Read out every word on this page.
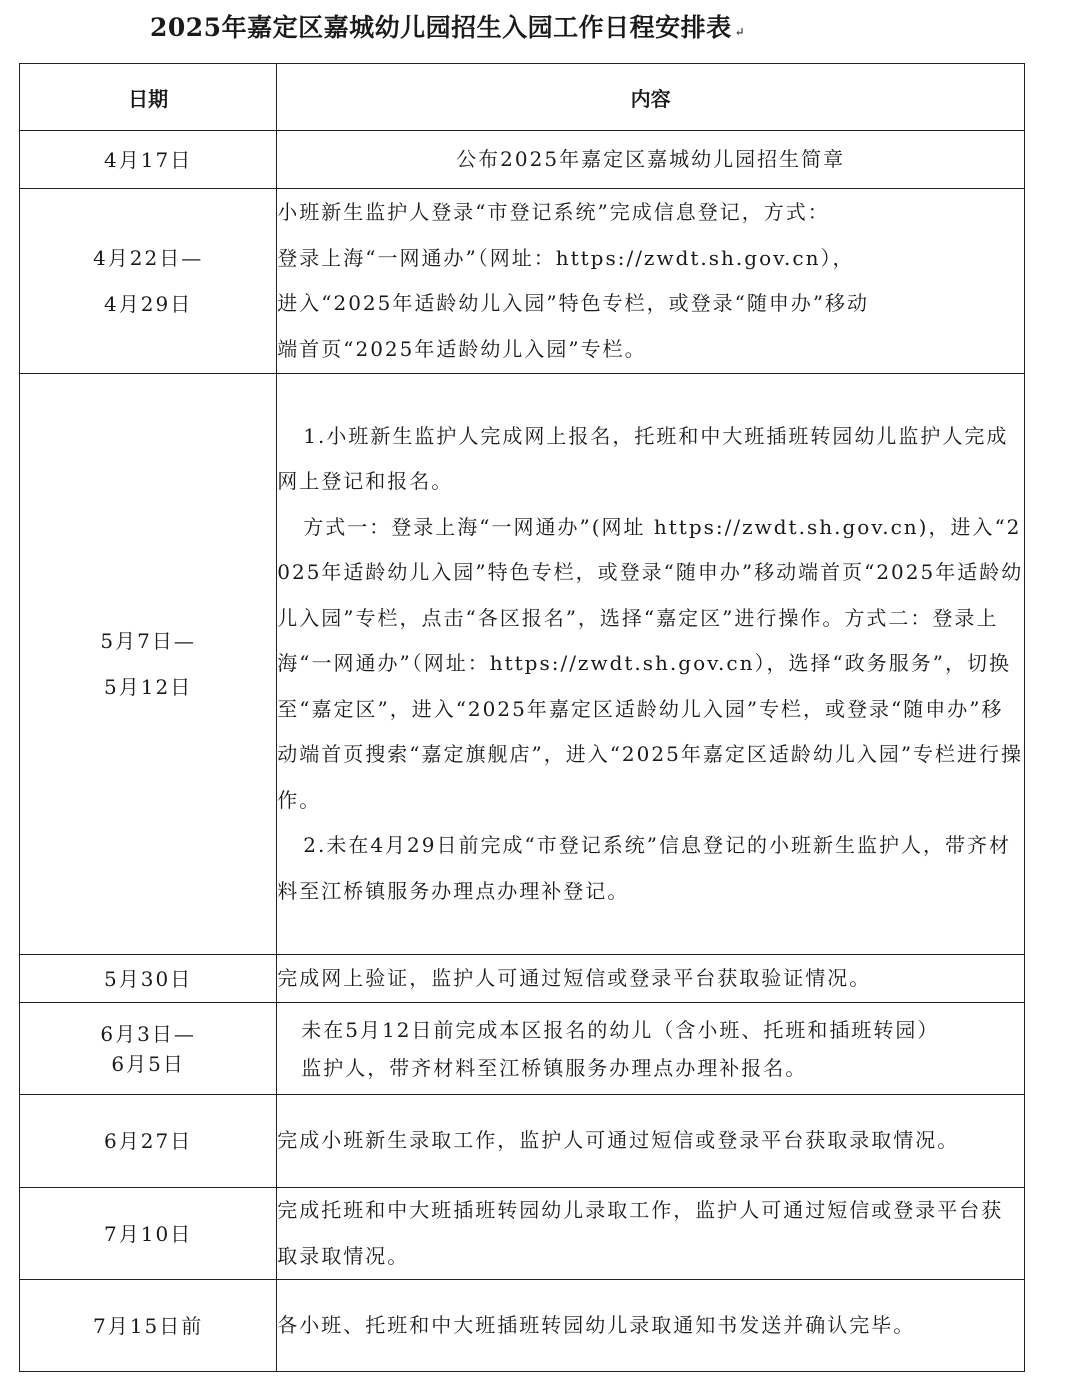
2025年嘉定区嘉城幼儿园招生入园工作日程安排表 ↵
日期	内容

4月17日	公布2025年嘉定区嘉城幼儿园招生简章

4月22日—
4月29日	小班新生监护人登录“市登记系统”完成信息登记，方式：
登录上海“一网通办”（网址：https://zwdt.sh.gov.cn），
进入“2025年适龄幼儿入园”特色专栏，或登录“随申办”移动
端首页“2025年适龄幼儿入园”专栏。

5月7日—
5月12日	1.小班新生监护人完成网上报名，托班和中大班插班转园幼儿监护人完成网上登记和报名。
方式一：登录上海“一网通办”(网址 https://zwdt.sh.gov.cn)，进入“2025年适龄幼儿入园”特色专栏，或登录“随申办”移动端首页“2025年适龄幼儿入园”专栏，点击“各区报名”，选择“嘉定区”进行操作。方式二：登录上海“一网通办”（网址：https://zwdt.sh.gov.cn），选择“政务服务”，切换至“嘉定区”，进入“2025年嘉定区适龄幼儿入园”专栏，或登录“随申办”移动端首页搜索“嘉定旗舰店”，进入“2025年嘉定区适龄幼儿入园”专栏进行操作。
2.未在4月29日前完成“市登记系统”信息登记的小班新生监护人，带齐材料至江桥镇服务办理点办理补登记。

5月30日	完成网上验证，监护人可通过短信或登录平台获取验证情况。

6月3日—
6月5日	未在5月12日前完成本区报名的幼儿（含小班、托班和插班转园）
监护人，带齐材料至江桥镇服务办理点办理补报名。

6月27日	完成小班新生录取工作，监护人可通过短信或登录平台获取录取情况。

7月10日	完成托班和中大班插班转园幼儿录取工作，监护人可通过短信或登录平台获取录取情况。

7月15日前	各小班、托班和中大班插班转园幼儿录取通知书发送并确认完毕。
